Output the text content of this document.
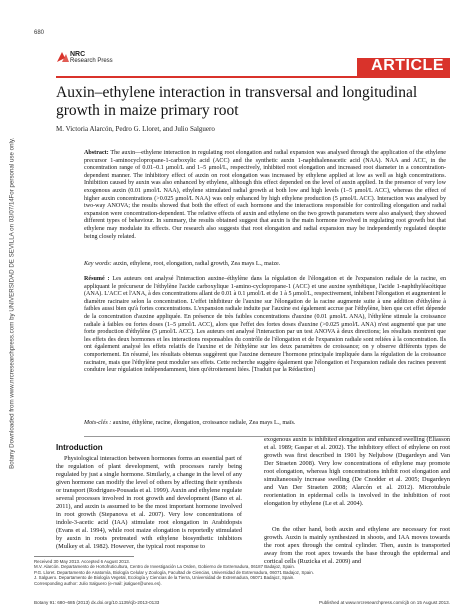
Botany Downloaded from www.nrcresearchpress.com by UNIVERSIDAD DE SEVILLA on 03/07/14
For personal use only.
680
NRC
Research Press	ARTICLE
Auxin–ethylene interaction in transversal and longitudinal growth in maize primary root
M. Victoria Alarcón, Pedro G. Lloret, and Julio Salguero
Abstract: The auxin—ethylene interaction in regulating root elongation and radial expansion was analysed through the application of the ethylene precursor 1-aminocyclopropane-1-carboxylic acid (ACC) and the synthetic auxin 1-naphthaleneacetic acid (NAA). NAA and ACC, in the concentration range of 0.01–0.1 μmol/L and 1–5 μmol/L, respectively, inhibited root elongation and increased root diameter in a concentration-dependent manner. The inhibitory effect of auxin on root elongation was increased by ethylene applied at low as well as high concentrations. Inhibition caused by auxin was also enhanced by ethylene, although this effect depended on the level of auxin applied. In the presence of very low exogenous auxin (0.01 μmol/L NAA), ethylene stimulated radial growth at both low and high levels (1–5 μmol/L ACC), whereas the effect of higher auxin concentrations (>0.025 μmol/L NAA) was only enhanced by high ethylene production (5 μmol/L ACC). Interaction was analysed by two-way ANOVA; the results showed that both the effect of each hormone and the interactions responsible for controlling elongation and radial expansion were concentration-dependent. The relative effects of auxin and ethylene on the two growth parameters were also analysed; they showed different types of behaviour. In summary, the results obtained suggest that auxin is the main hormone involved in regulating root growth but that ethylene may modulate its effects. Our research also suggests that root elongation and radial expansion may be independently regulated despite being closely related.
Key words: auxin, ethylene, root, elongation, radial growth, Zea mays L., maize.
Résumé : Les auteurs ont analysé l'interaction auxine–éthylène dans la régulation de l'élongation et de l'expansion radiale de la racine, en appliquant le précurseur de l'éthylène l'acide carboxylique 1-amino-cyclopropane-1 (ACC) et une auxine synthétique, l'acide 1-naphthyléacétique (ANA). L'ACC et l'ANA, à des concentrations allant de 0.01 à 0.1 μmol/L et de 1 à 5 μmol/L, respectivement, inhibent l'élongation et augmentent le diamètre racinaire selon la concentration. L'effet inhibiteur de l'auxine sur l'élongation de la racine augmente suite à une addition d'éthylène à faibles aussi bien qu'à fortes concentrations. L'expansion radiale induite par l'auxine est également accrue par l'éthylène, bien que cet effet dépende de la concentration d'auxine appliquée. En présence de très faibles concentrations d'auxine (0.01 μmol/L ANA), l'éthylène stimule la croissance radiale à faibles ou fortes doses (1–5 μmol/L ACC), alors que l'effet des fortes doses d'auxine (>0.025 μmol/L ANA) n'est augmenté que par une forte production d'éthylène (5 μmol/L ACC). Les auteurs ont analysé l'interaction par un test ANOVA à deux directions; les résultats montrent que les effets des deux hormones et les interactions responsables du contrôle de l'élongation et de l'expansion radiale sont reliées à la concentration. Ils ont également analysé les effets relatifs de l'auxine et de l'éthylène sur les deux paramètres de croissance; on y observe différents types de comportement. En résumé, les résultats obtenus suggèrent que l'auxine demeure l'hormone principale impliquée dans la régulation de la croissance racinaire, mais que l'éthylène peut moduler ses effets. Cette recherche suggère également que l'élongation et l'expansion radiale des racines peuvent conduire leur régulation indépendamment, bien qu'étroitement liées. [Traduit par la Rédaction]
Mots-clés : auxine, éthylène, racine, élongation, croissance radiale, Zea mays L., maïs.
Introduction
Physiological interaction between hormones forms an essential part of the regulation of plant development, with processes rarely being regulated by just a single hormone. Similarly, a change in the level of any given hormone can modify the level of others by affecting their synthesis or transport (Rodrigues-Pousada et al. 1999). Auxin and ethylene regulate several processes involved in root growth and development (Bano et al. 2011), and auxin is assumed to be the most important hormone involved in root growth (Stepanova et al. 2007). Very low concentrations of indole-3-acetic acid (IAA) stimulate root elongation in Arabidopsis (Evans et al. 1994), while root maize elongation is reportedly stimulated by auxin in roots pretreated with ethylene biosynthetic inhibitors (Mulkey et al. 1982). However, the typical root response to
exogenous auxin is inhibited elongation and enhanced swelling (Eliasson et al. 1989; Gaspar et al. 2002). The inhibitory effect of ethylene on root growth was first described in 1901 by Neljubow (Dugardeyn and Van Der Straeten 2008). Very low concentrations of ethylene may promote root elongation, whereas high concentrations inhibit root elongation and simultaneously increase swelling (De Cnodder et al. 2005; Dugardeyn and Van Der Straeten 2008; Alarcón et al. 2012). Microtubule reorientation in epidermal cells is involved in the inhibition of root elongation by ethylene (Le et al. 2004).
On the other hand, both auxin and ethylene are necessary for root growth. Auxin is mainly synthesized in shoots, and IAA moves towards the root apex through the central cylinder. Then, auxin is transported away from the root apex towards the base through the epidermal and cortical cells (Ruzicka et al. 2009) and
Received 30 May 2013. Accepted 6 August 2013.
M.V. Alarcón. Departamento de Hortofruticultura, Centro de Investigación La Orden, Gobierno de Extremadura, 06187 Badajoz, Spain.
P.G. Lloret. Departamento de Anatomía, Biología Celular y Zoología, Facultad de Ciencias, Universidad de Extremadura, 06071 Badajoz, Spain.
J. Salguero. Departamento de Biología Vegetal, Ecología y Ciencias de la Tierra, Universidad de Extremadura, 06071 Badajoz, Spain.
Corresponding author: Julio Salguero (e-mail: jsalguer@unex.es).
Botany 91: 680–685 (2013) dx.doi.org/10.1139/cjb-2013-0133	Published at www.nrcresearchpress.com/cjb on 15 August 2013.
